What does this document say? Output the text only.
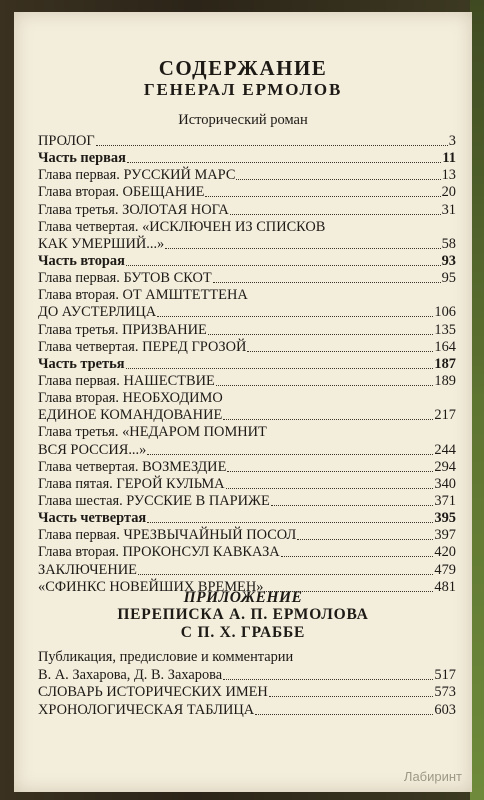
СОДЕРЖАНИЕ
ГЕНЕРАЛ ЕРМОЛОВ
Исторический роман
ПРОЛОГ	3
Часть первая	11
Глава первая. РУССКИЙ МАРС	13
Глава вторая. ОБЕЩАНИЕ	20
Глава третья. ЗОЛОТАЯ НОГА	31
Глава четвертая. «ИСКЛЮЧЕН ИЗ СПИСКОВ
КАК УМЕРШИЙ...»	58
Часть вторая	93
Глава первая. БУТОВ СКОТ	95
Глава вторая. ОТ АМШТЕТТЕНА
ДО АУСТЕРЛИЦА	106
Глава третья. ПРИЗВАНИЕ	135
Глава четвертая. ПЕРЕД ГРОЗОЙ	164
Часть третья	187
Глава первая. НАШЕСТВИЕ	189
Глава вторая. НЕОБХОДИМО
ЕДИНОЕ КОМАНДОВАНИЕ	217
Глава третья. «НЕДАРОМ ПОМНИТ
ВСЯ РОССИЯ...»	244
Глава четвертая. ВОЗМЕЗДИЕ	294
Глава пятая. ГЕРОЙ КУЛЬМА	340
Глава шестая. РУССКИЕ В ПАРИЖЕ	371
Часть четвертая	395
Глава первая. ЧРЕЗВЫЧАЙНЫЙ ПОСОЛ	397
Глава вторая. ПРОКОНСУЛ КАВКАЗА	420
ЗАКЛЮЧЕНИЕ	479
«СФИНКС НОВЕЙШИХ ВРЕМЕН»	481
ПРИЛОЖЕНИЕ
ПЕРЕПИСКА А. П. ЕРМОЛОВА
С П. Х. ГРАББЕ
Публикация, предисловие и комментарии
В. А. Захарова, Д. В. Захарова	517
СЛОВАРЬ ИСТОРИЧЕСКИХ ИМЕН	573
ХРОНОЛОГИЧЕСКАЯ ТАБЛИЦА	603
Лабиринт
